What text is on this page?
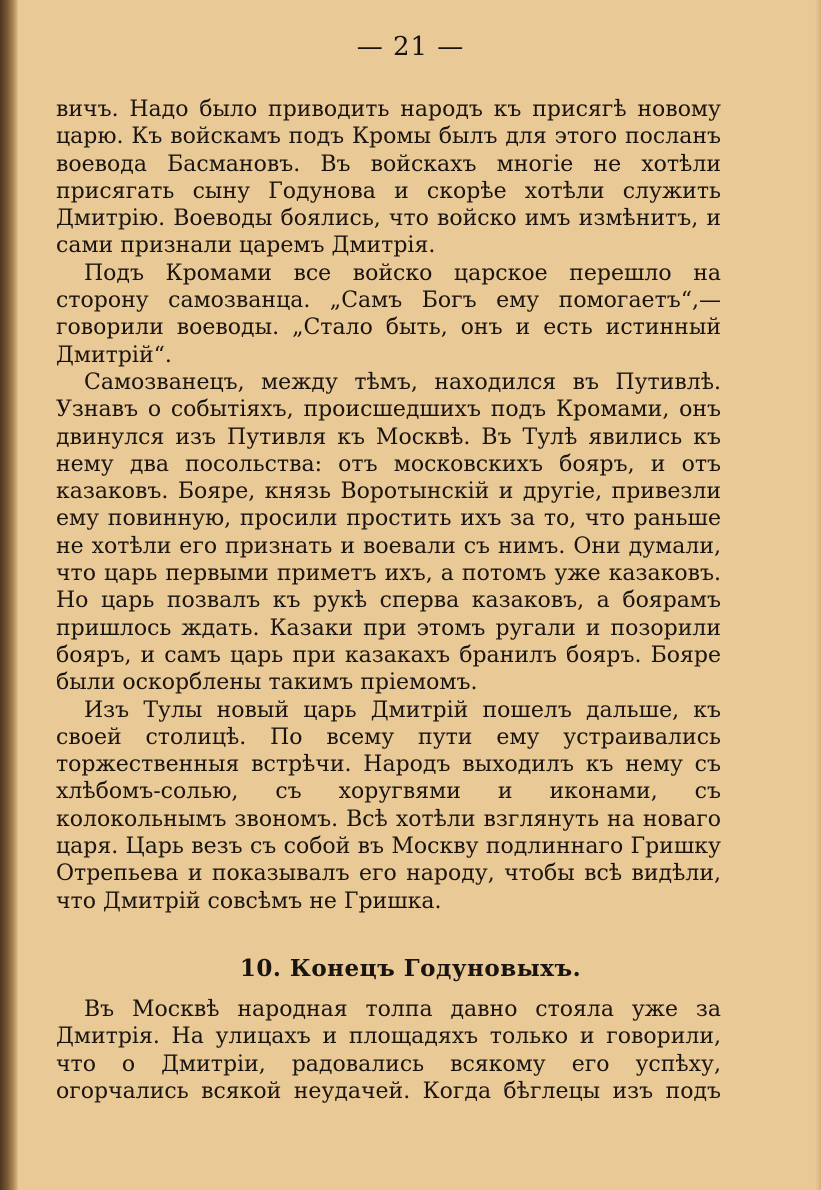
— 21 —

вичъ. Надо было приводить народъ къ присягѣ новому царю. Къ войскамъ подъ Кромы былъ для этого посланъ воевода Басмановъ. Въ войскахъ многіе не хотѣли присягать сыну Годунова и скорѣе хотѣли служить Дмитрію. Воеводы боялись, что войско имъ измѣнитъ, и сами признали царемъ Дмитрія.

Подъ Кромами все войско царское перешло на сторону самозванца. „Самъ Богъ ему помогаетъ“,—говорили воеводы. „Стало быть, онъ и есть истинный Дмитрій“.

Самозванецъ, между тѣмъ, находился въ Путивлѣ. Узнавъ о событіяхъ, происшедшихъ подъ Кромами, онъ двинулся изъ Путивля къ Москвѣ. Въ Тулѣ явились къ нему два посольства: отъ московскихъ бояръ, и отъ казаковъ. Бояре, князь Воротынскій и другіе, привезли ему повинную, просили простить ихъ за то, что раньше не хотѣли его признать и воевали съ нимъ. Они думали, что царь первыми приметъ ихъ, а потомъ уже казаковъ. Но царь позвалъ къ рукѣ сперва казаковъ, а боярамъ пришлось ждать. Казаки при этомъ ругали и позорили бояръ, и самъ царь при казакахъ бранилъ бояръ. Бояре были оскорблены такимъ пріемомъ.

Изъ Тулы новый царь Дмитрій пошелъ дальше, къ своей столицѣ. По всему пути ему устраивались торжественныя встрѣчи. Народъ выходилъ къ нему съ хлѣбомъ-солью, съ хоругвями и иконами, съ колокольнымъ звономъ. Всѣ хотѣли взглянуть на новаго царя. Царь везъ съ собой въ Москву подлиннаго Гришку Отрепьева и показывалъ его народу, чтобы всѣ видѣли, что Дмитрій совсѣмъ не Гришка.

10. Конецъ Годуновыхъ.

Въ Москвѣ народная толпа давно стояла уже за Дмитрія. На улицахъ и площадяхъ только и говорили, что о Дмитріи, радовались всякому его успѣху, огорчались всякой неудачей. Когда бѣглецы изъ подъ
